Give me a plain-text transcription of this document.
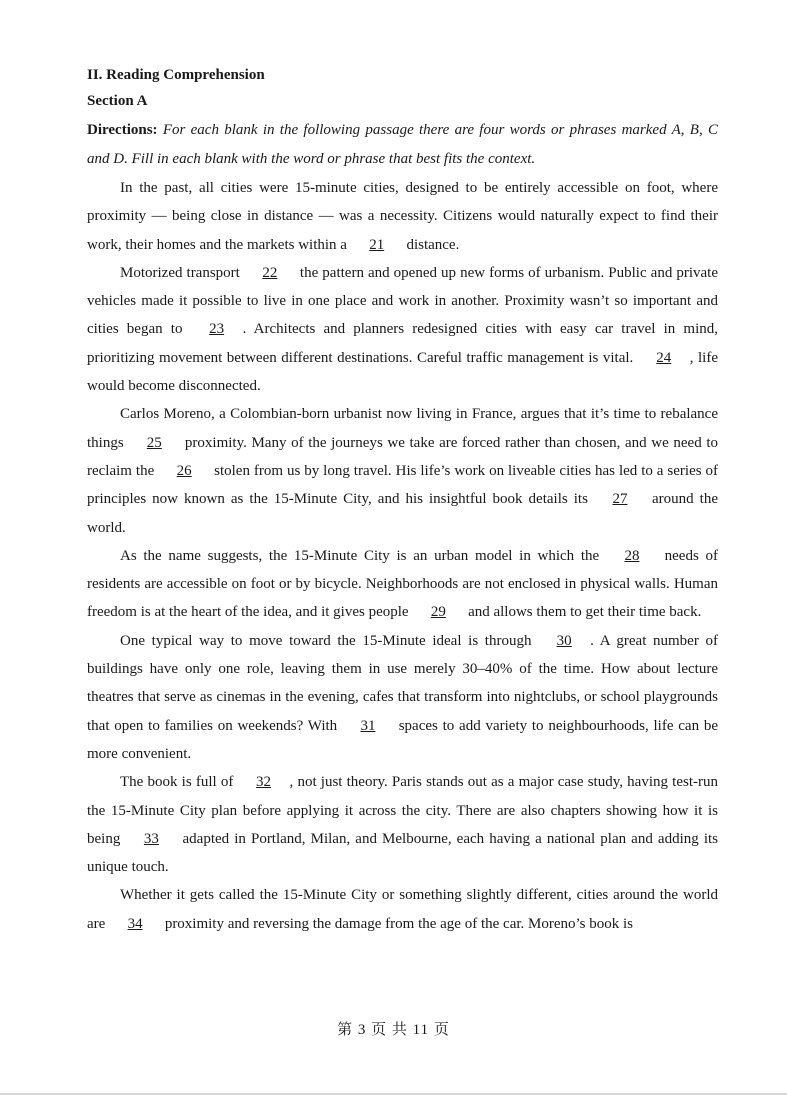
II. Reading Comprehension

Section A

Directions: For each blank in the following passage there are four words or phrases marked A, B, C and D. Fill in each blank with the word or phrase that best fits the context.

In the past, all cities were 15-minute cities, designed to be entirely accessible on foot, where proximity — being close in distance — was a necessity. Citizens would naturally expect to find their work, their homes and the markets within a 21 distance.

Motorized transport 22 the pattern and opened up new forms of urbanism. Public and private vehicles made it possible to live in one place and work in another. Proximity wasn’t so important and cities began to 23 . Architects and planners redesigned cities with easy car travel in mind, prioritizing movement between different destinations. Careful traffic management is vital. 24 , life would become disconnected.

Carlos Moreno, a Colombian-born urbanist now living in France, argues that it’s time to rebalance things 25 proximity. Many of the journeys we take are forced rather than chosen, and we need to reclaim the 26 stolen from us by long travel. His life’s work on liveable cities has led to a series of principles now known as the 15-Minute City, and his insightful book details its 27 around the world.

As the name suggests, the 15-Minute City is an urban model in which the 28 needs of residents are accessible on foot or by bicycle. Neighborhoods are not enclosed in physical walls. Human freedom is at the heart of the idea, and it gives people 29 and allows them to get their time back.

One typical way to move toward the 15-Minute ideal is through 30 . A great number of buildings have only one role, leaving them in use merely 30–40% of the time. How about lecture theatres that serve as cinemas in the evening, cafes that transform into nightclubs, or school playgrounds that open to families on weekends? With 31 spaces to add variety to neighbourhoods, life can be more convenient.

The book is full of 32 , not just theory. Paris stands out as a major case study, having test-run the 15-Minute City plan before applying it across the city. There are also chapters showing how it is being 33 adapted in Portland, Milan, and Melbourne, each having a national plan and adding its unique touch.

Whether it gets called the 15-Minute City or something slightly different, cities around the world are 34 proximity and reversing the damage from the age of the car. Moreno’s book is

第 3 页 共 11 页
